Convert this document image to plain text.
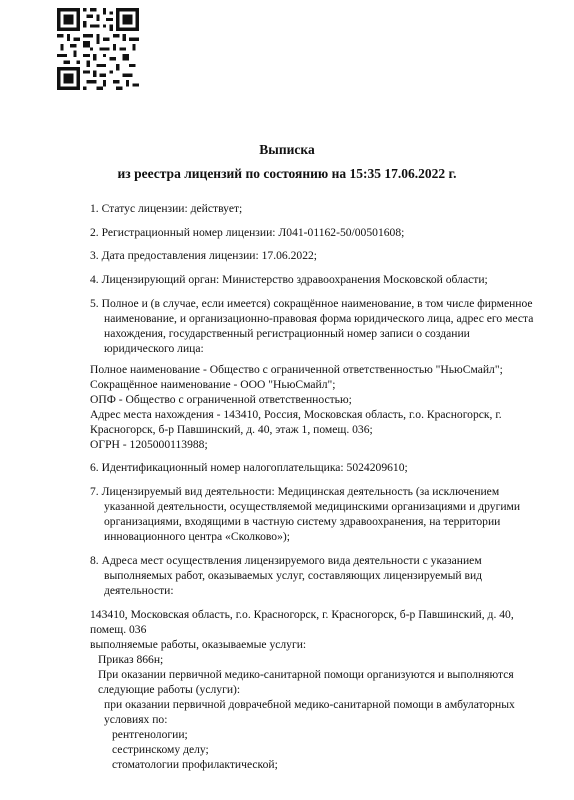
Выписка
из реестра лицензий по состоянию на 15:35 17.06.2022 г.
1. Статус лицензии: действует;
2. Регистрационный номер лицензии: Л041-01162-50/00501608;
3. Дата предоставления лицензии: 17.06.2022;
4. Лицензирующий орган: Министерство здравоохранения Московской области;
5. Полное и (в случае, если имеется) сокращённое наименование, в том числе фирменное
наименование, и организационно-правовая форма юридического лица, адрес его места
нахождения, государственный регистрационный номер записи о создании
юридического лица:
Полное наименование - Общество с ограниченной ответственностью "НьюСмайл";
Сокращённое наименование - ООО "НьюСмайл";
ОПФ - Общество с ограниченной ответственностью;
Адрес места нахождения - 143410, Россия, Московская область, г.о. Красногорск, г.
Красногорск, б-р Павшинский, д. 40, этаж 1, помещ. 036;
ОГРН - 1205000113988;
6. Идентификационный номер налогоплательщика: 5024209610;
7. Лицензируемый вид деятельности: Медицинская деятельность (за исключением
указанной деятельности, осуществляемой медицинскими организациями и другими
организациями, входящими в частную систему здравоохранения, на территории
инновационного центра «Сколково»);
8. Адреса мест осуществления лицензируемого вида деятельности с указанием
выполняемых работ, оказываемых услуг, составляющих лицензируемый вид
деятельности:
143410, Московская область, г.о. Красногорск, г. Красногорск, б-р Павшинский, д. 40,
помещ. 036
выполняемые работы, оказываемые услуги:
Приказ 866н;
При оказании первичной медико-санитарной помощи организуются и выполняются
следующие работы (услуги):
при оказании первичной доврачебной медико-санитарной помощи в амбулаторных
условиях по:
рентгенологии;
сестринскому делу;
стоматологии профилактической;
